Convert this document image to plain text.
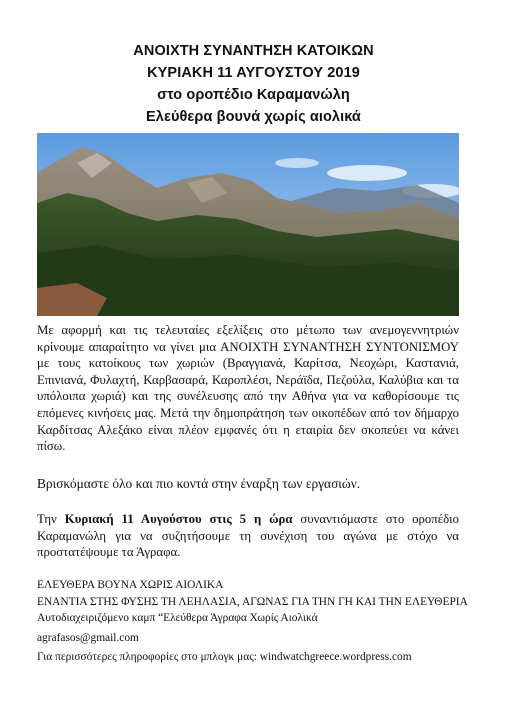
ΑΝΟΙΧΤΗ ΣΥΝΑΝΤΗΣΗ ΚΑΤΟΙΚΩΝ
ΚΥΡΙΑΚΗ 11 ΑΥΓΟΥΣΤΟΥ 2019
στο οροπέδιο Καραμανώλη
Ελεύθερα βουνά χωρίς αιολικά
Με αφορμή και τις τελευταίες εξελίξεις στο μέτωπο των ανεμογεννητριών κρίνουμε απαραίτητο να γίνει μια ΑΝΟΙΧΤΗ ΣΥΝΑΝΤΗΣΗ ΣΥΝΤΟΝΙΣΜΟΥ με τους κατοίκους των χωριών (Βραγγιανά, Καρίτσα, Νεοχώρι, Καστανιά, Επινιανά, Φυλαχτή, Καρβασαρά, Καροπλέσι, Νεράϊδα, Πεζούλα, Καλύβια και τα υπόλοιπα χωριά) και της συνέλευσης από την Αθήνα για να καθορίσουμε τις επόμενες κινήσεις μας. Μετά την δημοπράτηση των οικοπέδων από τον δήμαρχο Καρδίτσας Αλεξάκο είναι πλέον εμφανές ότι η εταιρία δεν σκοπεύει να κάνει πίσω.
Βρισκόμαστε όλο και πιο κοντά στην έναρξη των εργασιών.
Την Κυριακή 11 Αυγούστου στις 5 η ώρα συναντιόμαστε στο οροπέδιο Καραμανώλη για να συζητήσουμε τη συνέχιση του αγώνα με στόχο να προστατέψουμε τα Άγραφα.
ΕΛΕΥΘΕΡΑ ΒΟΥΝΑ ΧΩΡΙΣ ΑΙΟΛΙΚΑ
ΕΝΑΝΤΙΑ ΣΤΗΣ ΦΥΣΗΣ ΤΗ ΛΕΗΛΑΣΙΑ, ΑΓΩΝΑΣ ΓΙΑ ΤΗΝ ΓΗ ΚΑΙ ΤΗΝ ΕΛΕΥΘΕΡΙΑ
Αυτοδιαχειριζόμενο καμπ “Ελεύθερα Άγραφα Χωρίς Αιολικά
agrafasos@gmail.com
Για περισσότερες πληροφορίες στο μπλογκ μας: windwatchgreece.wordpress.com
